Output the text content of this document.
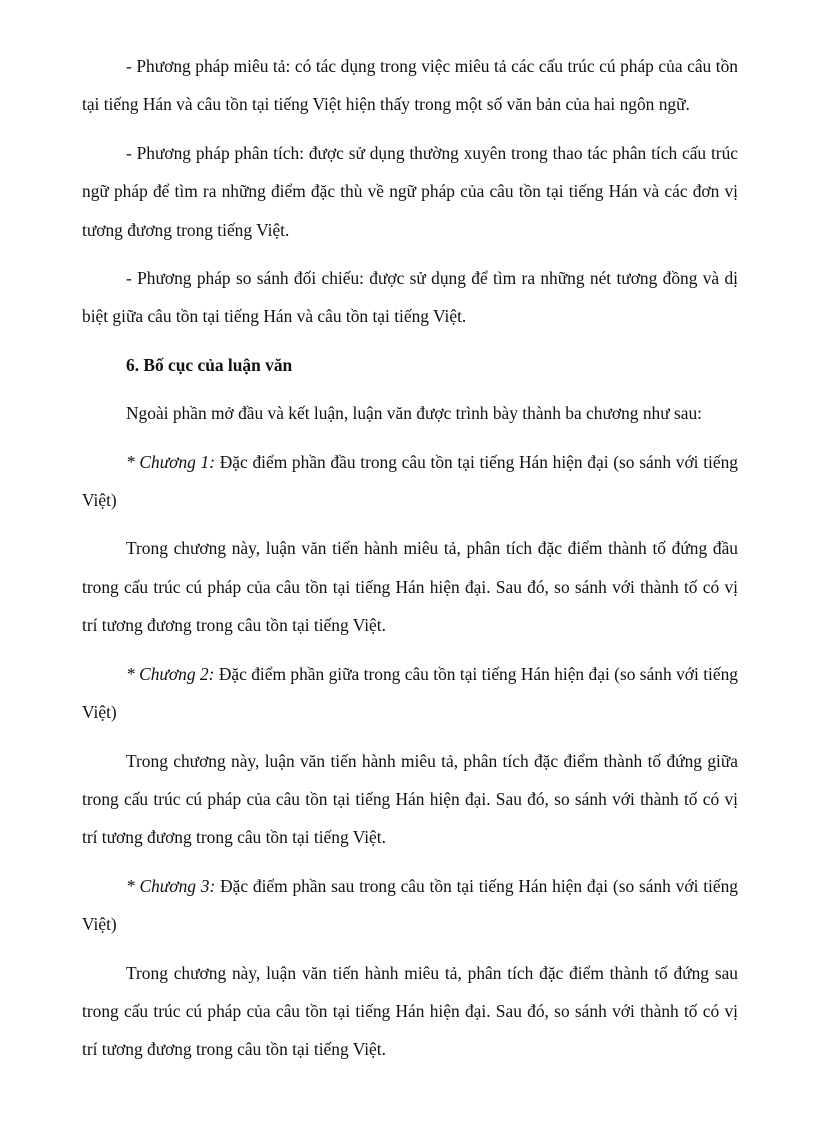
- Phương pháp miêu tả: có tác dụng trong việc miêu tả các cấu trúc cú pháp của câu tồn tại tiếng Hán và câu tồn tại tiếng Việt hiện thấy trong một số văn bản của hai ngôn ngữ.

- Phương pháp phân tích: được sử dụng thường xuyên trong thao tác phân tích cấu trúc ngữ pháp để tìm ra những điểm đặc thù về ngữ pháp của câu tồn tại tiếng Hán và các đơn vị tương đương trong tiếng Việt.

- Phương pháp so sánh đối chiếu: được sử dụng để tìm ra những nét tương đồng và dị biệt giữa câu tồn tại tiếng Hán và câu tồn tại tiếng Việt.

6. Bố cục của luận văn

Ngoài phần mở đầu và kết luận, luận văn được trình bày thành ba chương như sau:

* Chương 1: Đặc điểm phần đầu trong câu tồn tại tiếng Hán hiện đại (so sánh với tiếng Việt)

Trong chương này, luận văn tiến hành miêu tả, phân tích đặc điểm thành tố đứng đầu trong cấu trúc cú pháp của câu tồn tại tiếng Hán hiện đại. Sau đó, so sánh với thành tố có vị trí tương đương trong câu tồn tại tiếng Việt.

* Chương 2: Đặc điểm phần giữa trong câu tồn tại tiếng Hán hiện đại (so sánh với tiếng Việt)

Trong chương này, luận văn tiến hành miêu tả, phân tích đặc điểm thành tố đứng giữa trong cấu trúc cú pháp của câu tồn tại tiếng Hán hiện đại. Sau đó, so sánh với thành tố có vị trí tương đương trong câu tồn tại tiếng Việt.

* Chương 3: Đặc điểm phần sau trong câu tồn tại tiếng Hán hiện đại (so sánh với tiếng Việt)

Trong chương này, luận văn tiến hành miêu tả, phân tích đặc điểm thành tố đứng sau trong cấu trúc cú pháp của câu tồn tại tiếng Hán hiện đại. Sau đó, so sánh với thành tố có vị trí tương đương trong câu tồn tại tiếng Việt.
